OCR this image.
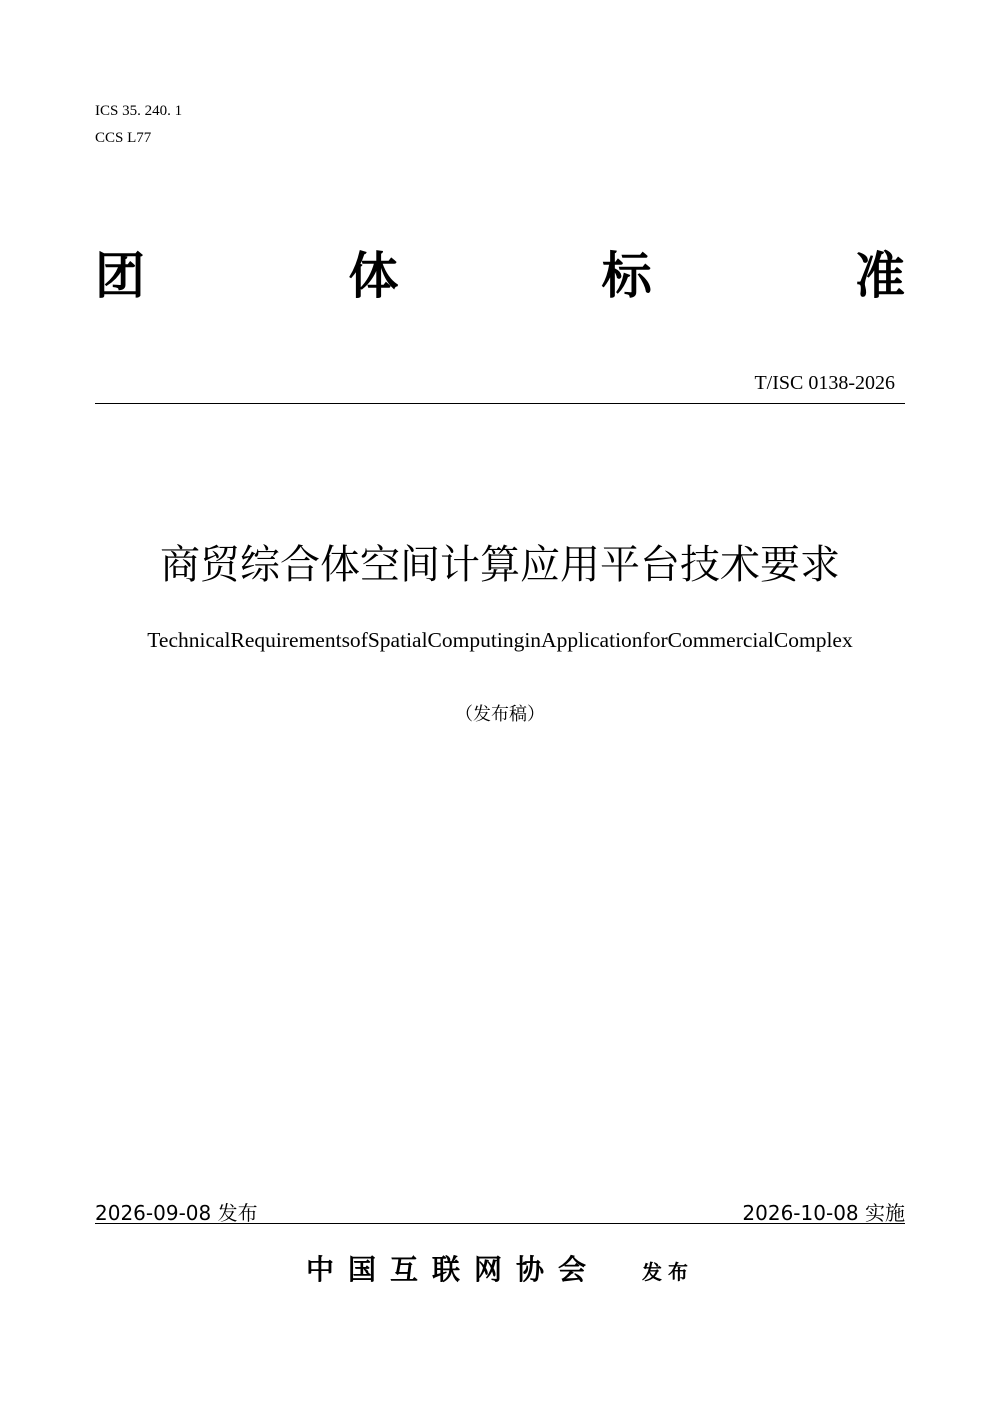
ICS 35. 240. 1
CCS L77
团	体	标	准
T/ISC 0138-2026
商贸综合体空间计算应用平台技术要求
TechnicalRequirementsofSpatialComputinginApplicationforCommercialComplex
（发布稿）
2026-09-08 发布	2026-10-08 实施
中国互联网协会 发布
